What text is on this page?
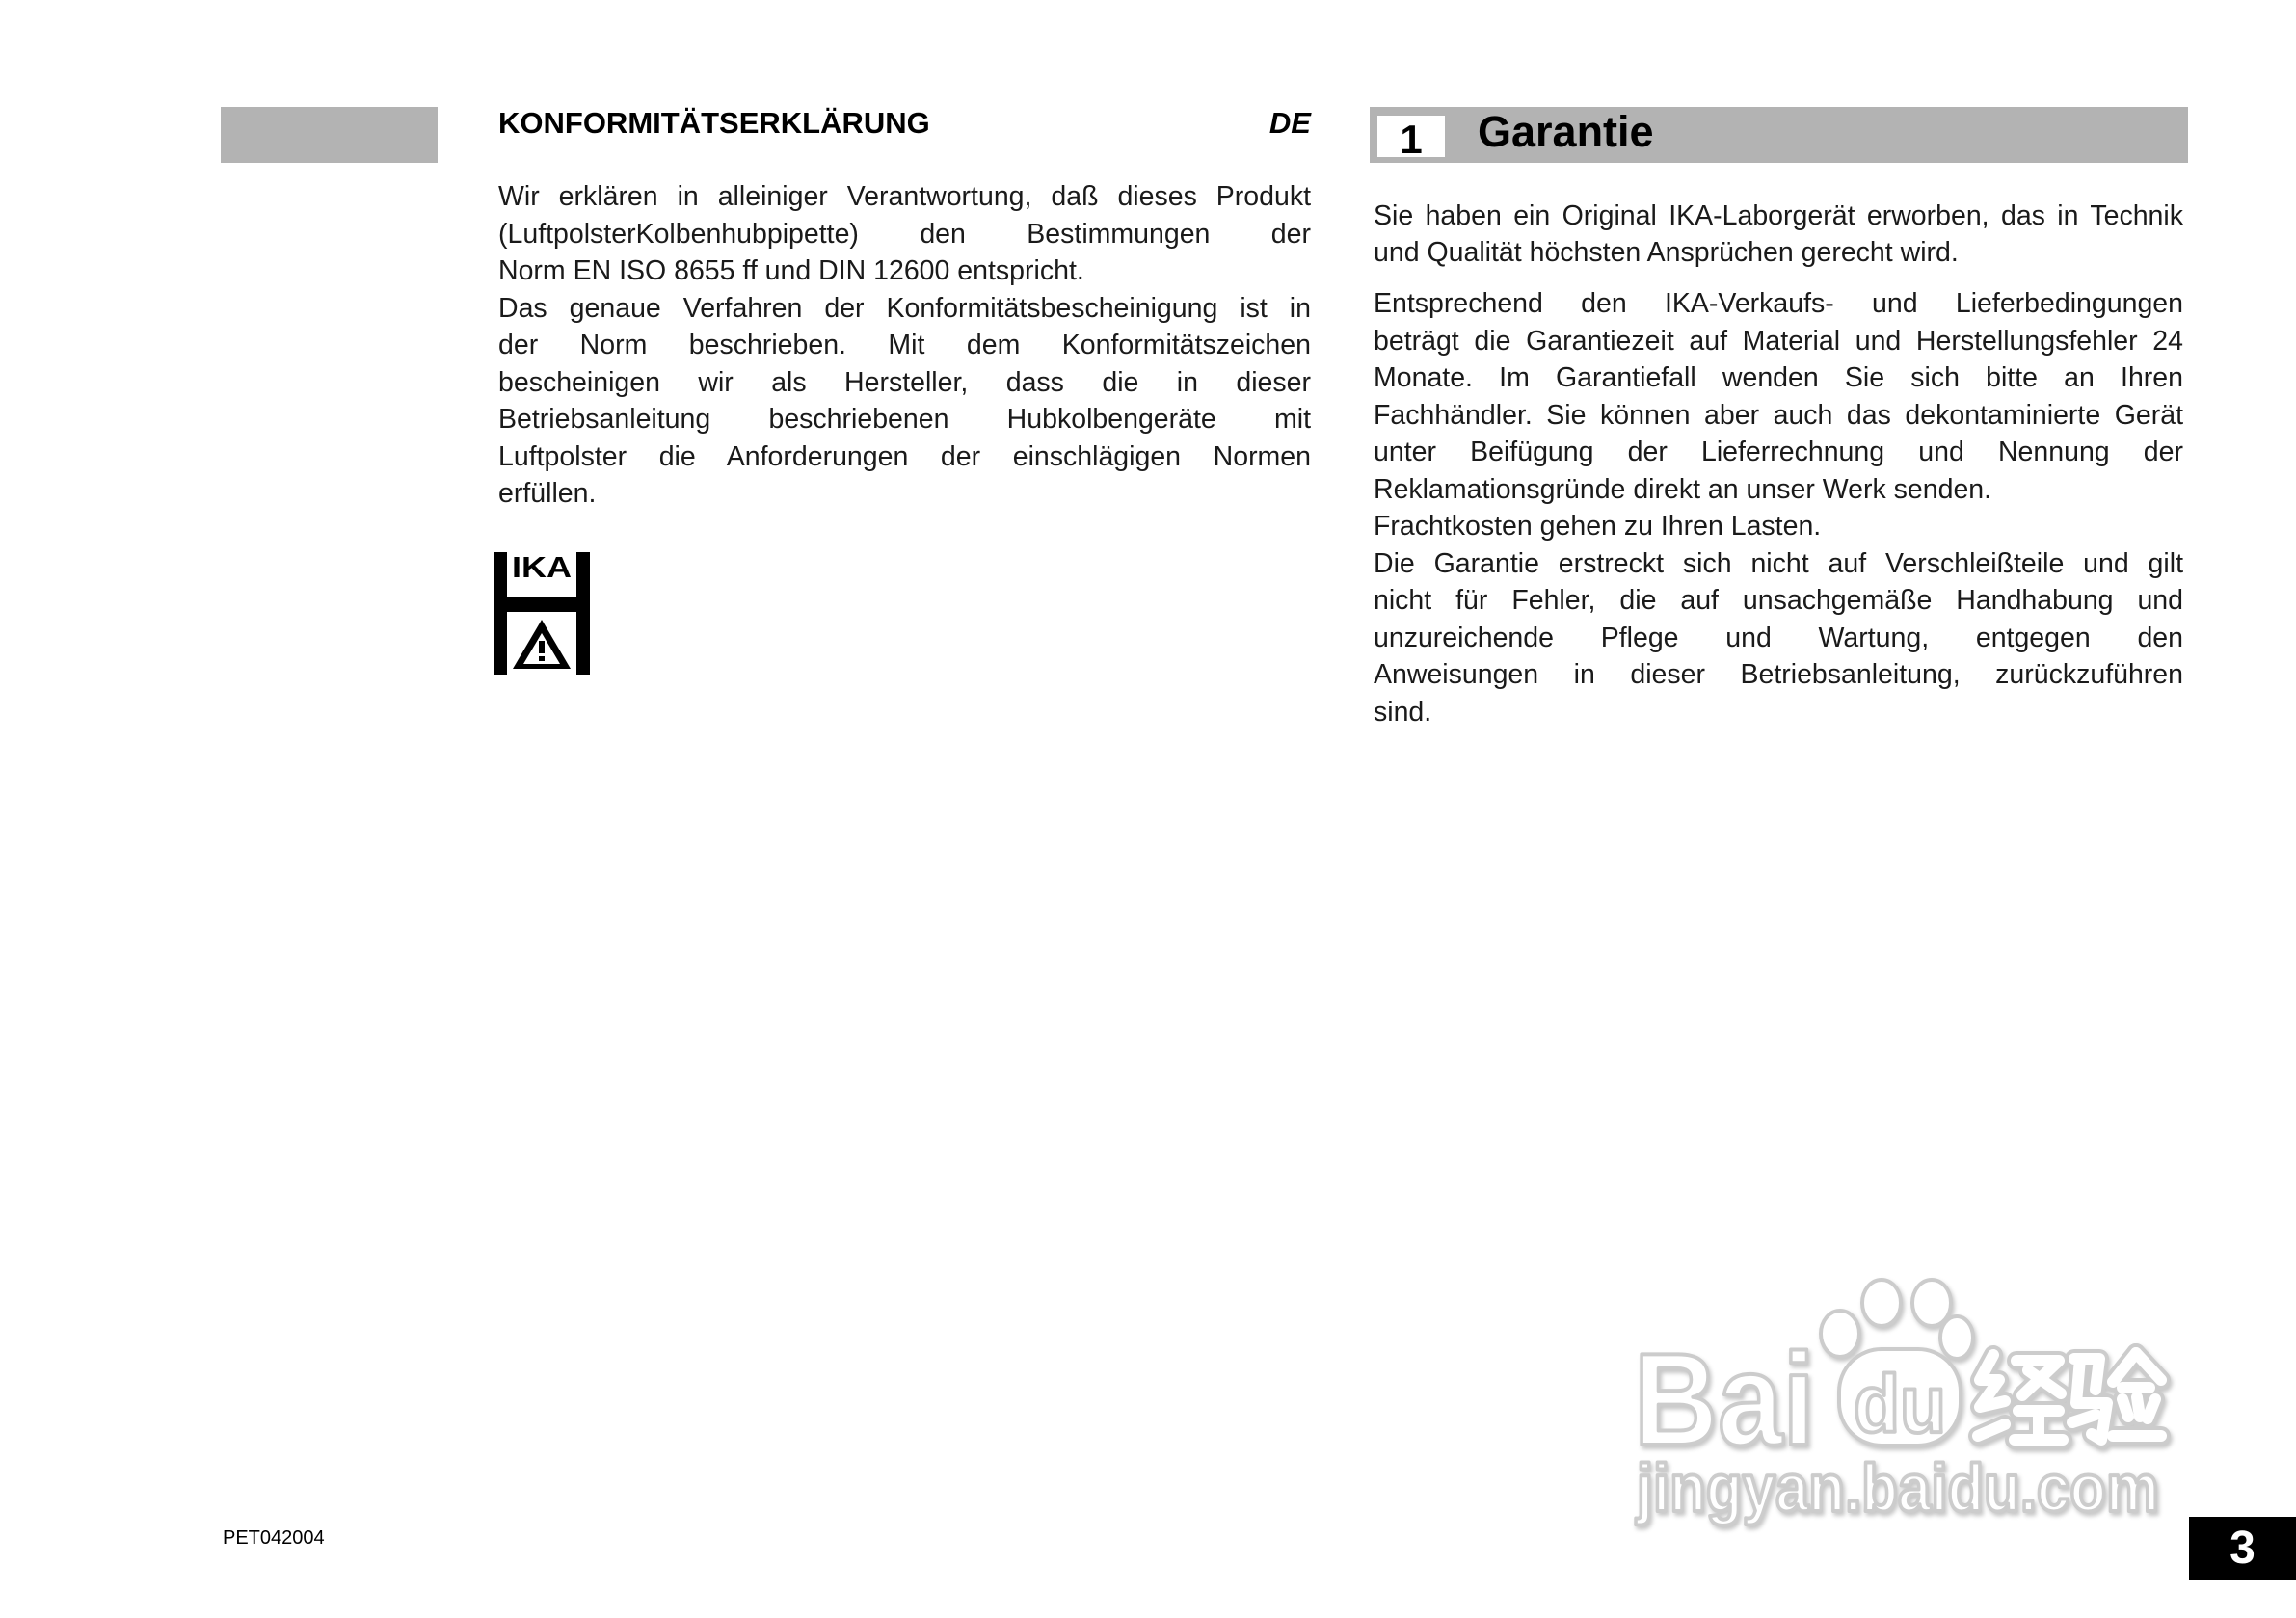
KONFORMITÄTSERKLÄRUNG	DE
Wir erklären in alleiniger Verantwortung, daß dieses Produkt
(LuftpolsterKolbenhubpipette) den Bestimmungen der
Norm EN ISO 8655 ff und DIN 12600 entspricht.
Das genaue Verfahren der Konformitätsbescheinigung ist in
der Norm beschrieben. Mit dem Konformitätszeichen
bescheinigen wir als Hersteller, dass die in dieser
Betriebsanleitung beschriebenen Hubkolbengeräte mit
Luftpolster die Anforderungen der einschlägigen Normen
erfüllen.
IKA
1	Garantie
Sie haben ein Original IKA-Laborgerät erworben, das in Technik
und Qualität höchsten Ansprüchen gerecht wird.
Entsprechend den IKA-Verkaufs- und Lieferbedingungen
beträgt die Garantiezeit auf Material und Herstellungsfehler 24
Monate. Im Garantiefall wenden Sie sich bitte an Ihren
Fachhändler. Sie können aber auch das dekontaminierte Gerät
unter Beifügung der Lieferrechnung und Nennung der
Reklamationsgründe direkt an unser Werk senden.
Frachtkosten gehen zu Ihren Lasten.
Die Garantie erstreckt sich nicht auf Verschleißteile und gilt
nicht für Fehler, die auf unsachgemäße Handhabung und
unzureichende Pflege und Wartung, entgegen den
Anweisungen in dieser Betriebsanleitung, zurückzuführen
sind.
Bai du
jingyan.baidu.com
PET042004	3
